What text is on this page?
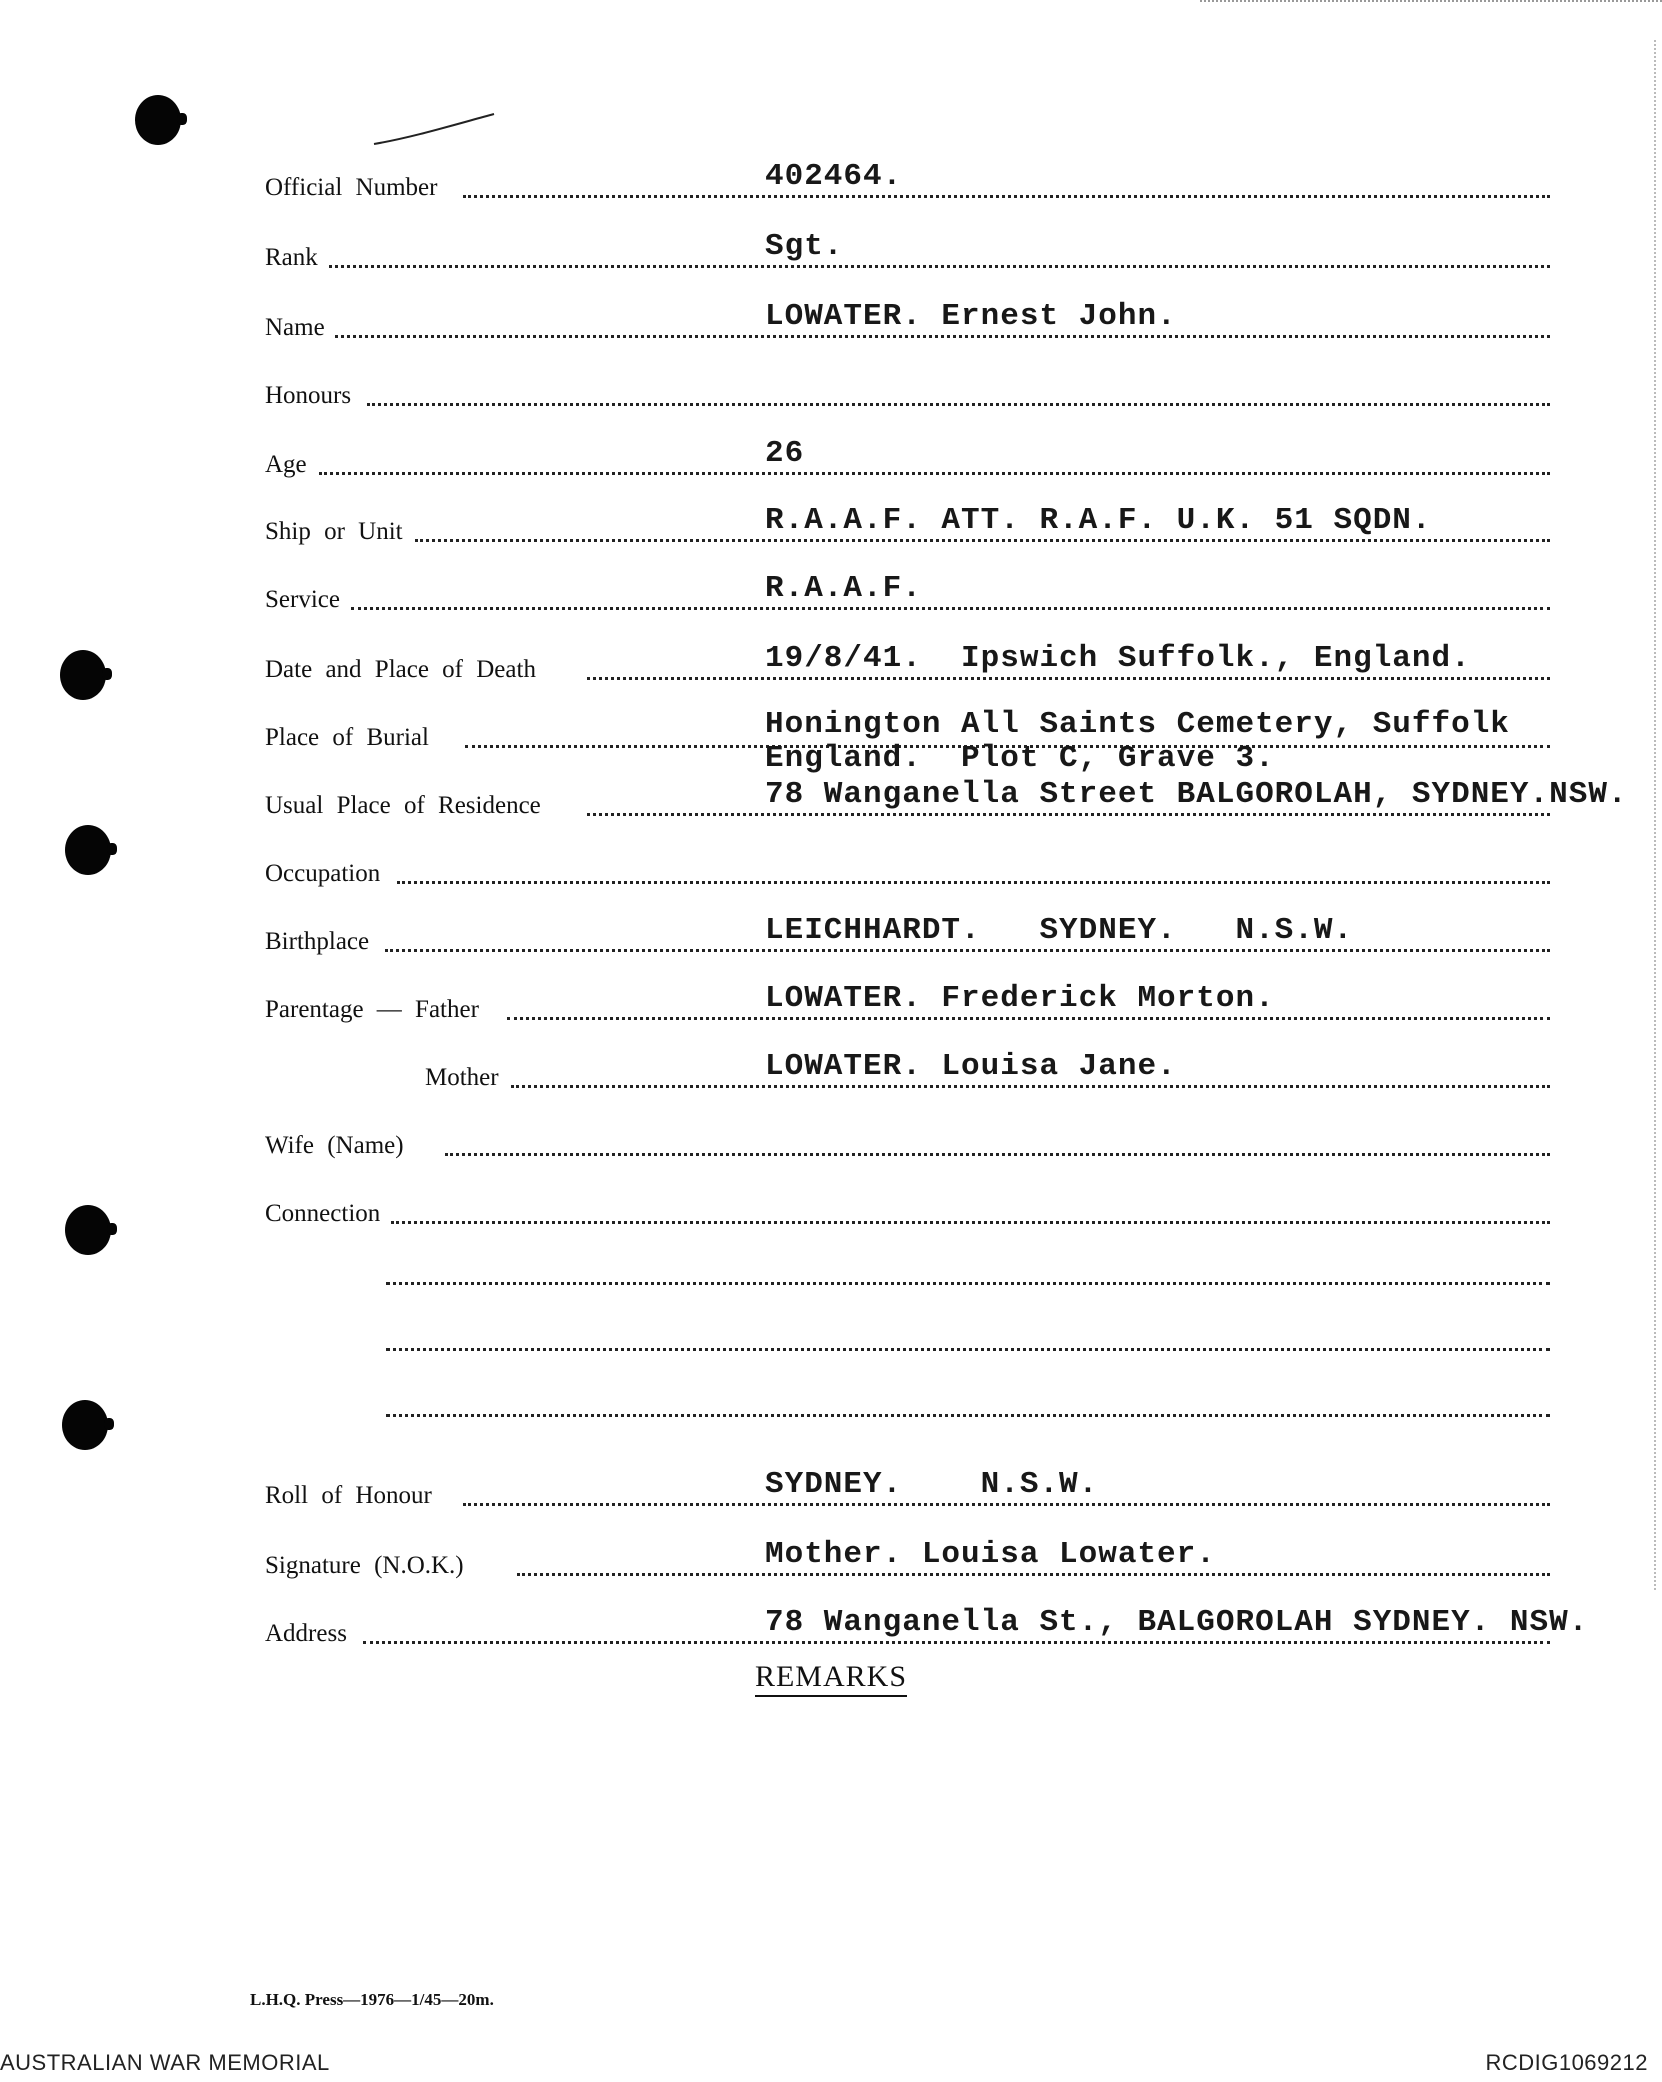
Official Number	402464.
Rank	Sgt.
Name	LOWATER. Ernest John.
Honours
Age	26
Ship or Unit	R.A.A.F. ATT. R.A.F. U.K. 51 SQDN.
Service	R.A.A.F.
Date and Place of Death	19/8/41.  Ipswich Suffolk., England.
Place of Burial	Honington All Saints Cemetery, Suffolk
England.  Plot C, Grave 3.
Usual Place of Residence	78 Wanganella Street BALGOROLAH, SYDNEY.NSW.
Occupation
Birthplace	LEICHHARDT.   SYDNEY.   N.S.W.
Parentage — Father	LOWATER. Frederick Morton.
Mother	LOWATER. Louisa Jane.
Wife (Name)
Connection
Roll of Honour	SYDNEY.    N.S.W.
Signature (N.O.K.)	Mother. Louisa Lowater.
Address	78 Wanganella St., BALGOROLAH SYDNEY. NSW.
REMARKS
L.H.Q. Press—1976—1/45—20m.
AUSTRALIAN WAR MEMORIAL	RCDIG1069212
